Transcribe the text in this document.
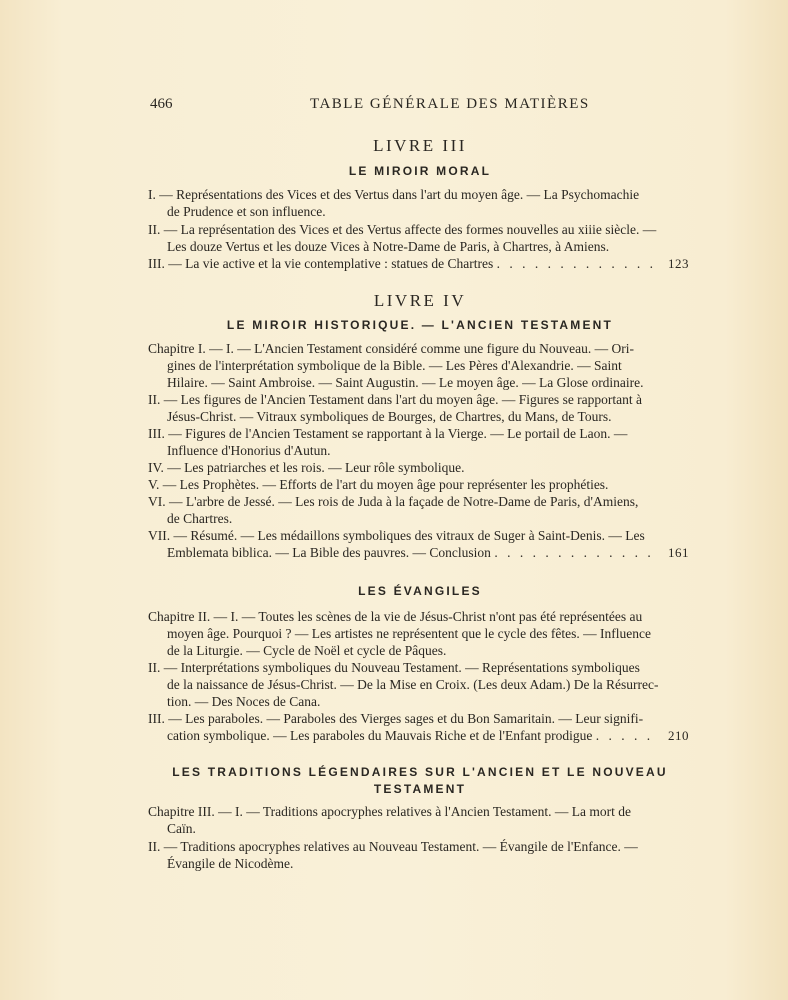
466	TABLE GÉNÉRALE DES MATIÈRES
LIVRE III
LE MIROIR MORAL
I. — Représentations des Vices et des Vertus dans l'art du moyen âge. — La Psychomachie
de Prudence et son influence.
II. — La représentation des Vices et des Vertus affecte des formes nouvelles au xiiie siècle. —
Les douze Vertus et les douze Vices à Notre-Dame de Paris, à Chartres, à Amiens.
III. — La vie active et la vie contemplative : statues de Chartres . . . . . . . . . . . . . 123
LIVRE IV
LE MIROIR HISTORIQUE. — L'ANCIEN TESTAMENT
Chapitre I. — I. — L'Ancien Testament considéré comme une figure du Nouveau. — Ori-
gines de l'interprétation symbolique de la Bible. — Les Pères d'Alexandrie. — Saint
Hilaire. — Saint Ambroise. — Saint Augustin. — Le moyen âge. — La Glose ordinaire.
II. — Les figures de l'Ancien Testament dans l'art du moyen âge. — Figures se rapportant à
Jésus-Christ. — Vitraux symboliques de Bourges, de Chartres, du Mans, de Tours.
III. — Figures de l'Ancien Testament se rapportant à la Vierge. — Le portail de Laon. —
Influence d'Honorius d'Autun.
IV. — Les patriarches et les rois. — Leur rôle symbolique.
V. — Les Prophètes. — Efforts de l'art du moyen âge pour représenter les prophéties.
VI. — L'arbre de Jessé. — Les rois de Juda à la façade de Notre-Dame de Paris, d'Amiens,
de Chartres.
VII. — Résumé. — Les médaillons symboliques des vitraux de Suger à Saint-Denis. — Les
Emblemata biblica. — La Bible des pauvres. — Conclusion . . . . . . . . . . . . . 161
LES ÉVANGILES
Chapitre II. — I. — Toutes les scènes de la vie de Jésus-Christ n'ont pas été représentées au
moyen âge. Pourquoi ? — Les artistes ne représentent que le cycle des fêtes. — Influence
de la Liturgie. — Cycle de Noël et cycle de Pâques.
II. — Interprétations symboliques du Nouveau Testament. — Représentations symboliques
de la naissance de Jésus-Christ. — De la Mise en Croix. (Les deux Adam.) De la Résurrec-
tion. — Des Noces de Cana.
III. — Les paraboles. — Paraboles des Vierges sages et du Bon Samaritain. — Leur signifi-
cation symbolique. — Les paraboles du Mauvais Riche et de l'Enfant prodigue . . . . . 210
LES TRADITIONS LÉGENDAIRES SUR L'ANCIEN ET LE NOUVEAU
TESTAMENT
Chapitre III. — I. — Traditions apocryphes relatives à l'Ancien Testament. — La mort de
Caïn.
II. — Traditions apocryphes relatives au Nouveau Testament. — Évangile de l'Enfance. —
Évangile de Nicodème.
